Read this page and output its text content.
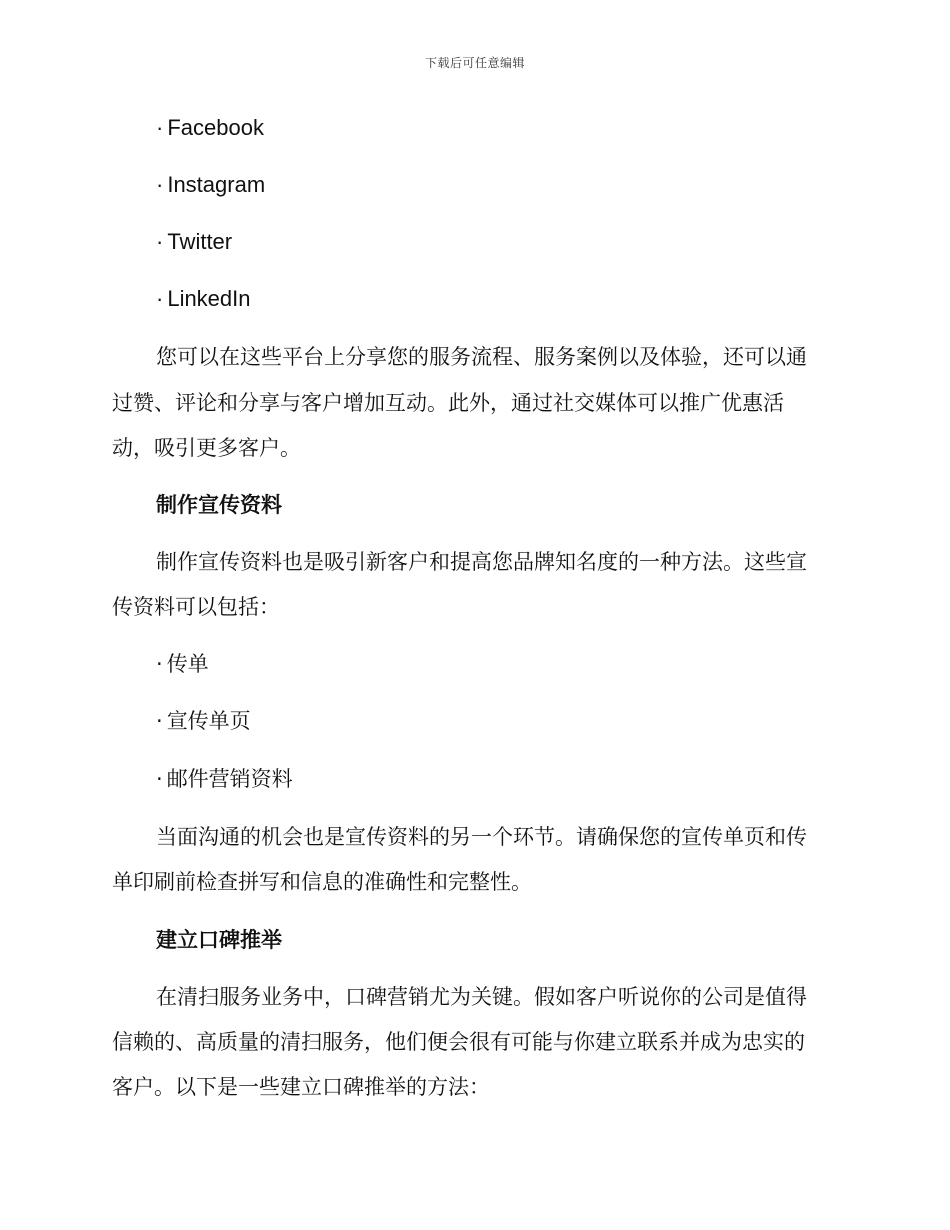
下载后可任意编辑
· Facebook
· Instagram
· Twitter
· LinkedIn
您可以在这些平台上分享您的服务流程、服务案例以及体验，还可以通
过赞、评论和分享与客户增加互动。此外，通过社交媒体可以推广优惠活
动，吸引更多客户。
制作宣传资料
制作宣传资料也是吸引新客户和提高您品牌知名度的一种方法。这些宣
传资料可以包括：
· 传单
· 宣传单页
· 邮件营销资料
当面沟通的机会也是宣传资料的另一个环节。请确保您的宣传单页和传
单印刷前检查拼写和信息的准确性和完整性。
建立口碑推举
在清扫服务业务中，口碑营销尤为关键。假如客户听说你的公司是值得
信赖的、高质量的清扫服务，他们便会很有可能与你建立联系并成为忠实的
客户。以下是一些建立口碑推举的方法：
